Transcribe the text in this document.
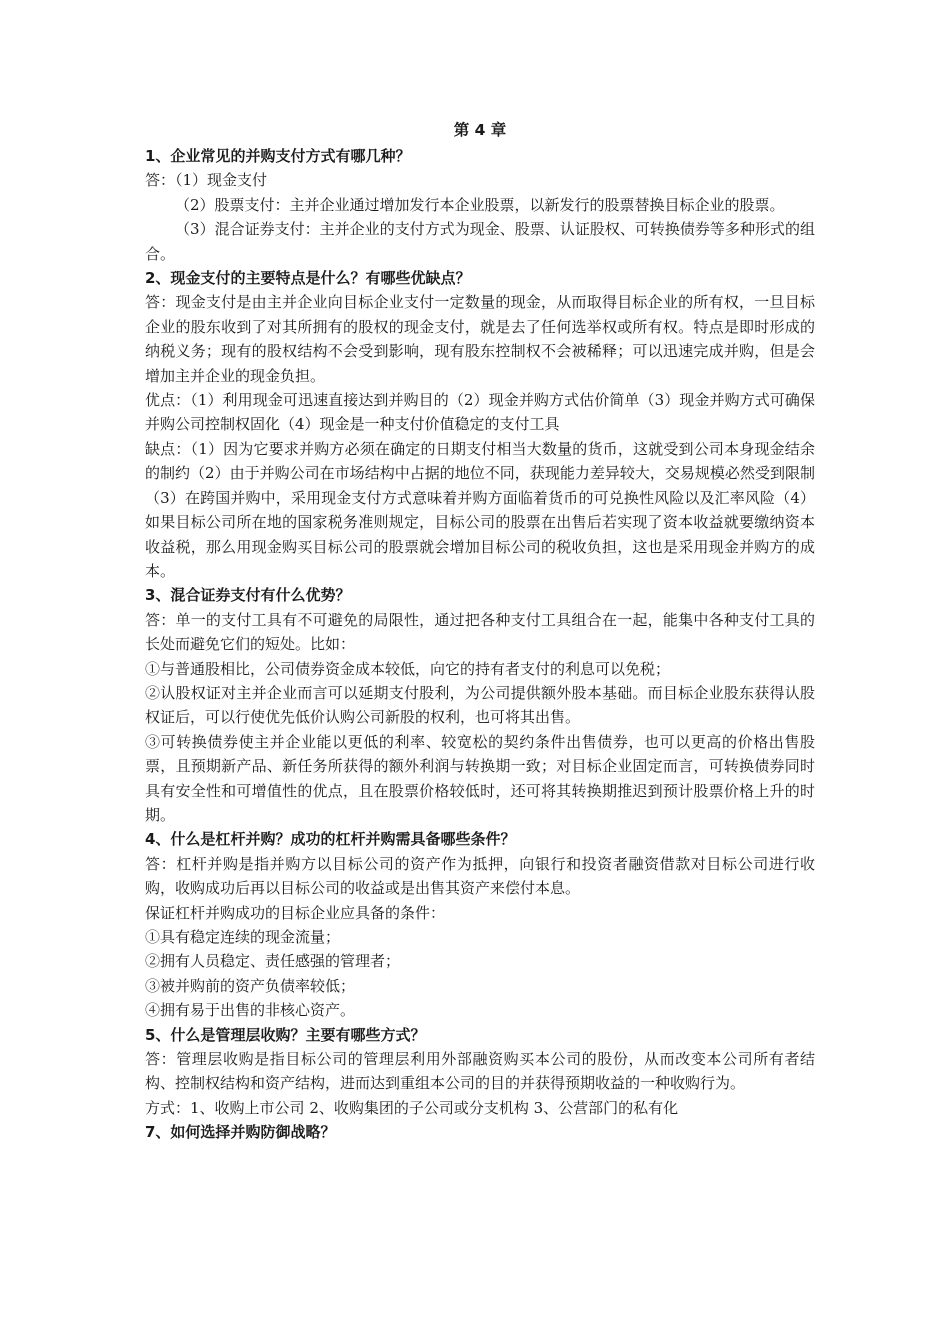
第 4 章

1、企业常见的并购支付方式有哪几种？

答：（1）现金支付

（2）股票支付：主并企业通过增加发行本企业股票，以新发行的股票替换目标企业的股票。

（3）混合证券支付：主并企业的支付方式为现金、股票、认证股权、可转换债券等多种形式的组合。

2、现金支付的主要特点是什么？有哪些优缺点？

答：现金支付是由主并企业向目标企业支付一定数量的现金，从而取得目标企业的所有权，一旦目标企业的股东收到了对其所拥有的股权的现金支付，就是去了任何选举权或所有权。特点是即时形成的纳税义务；现有的股权结构不会受到影响，现有股东控制权不会被稀释；可以迅速完成并购，但是会增加主并企业的现金负担。

优点：（1）利用现金可迅速直接达到并购目的（2）现金并购方式估价简单（3）现金并购方式可确保并购公司控制权固化（4）现金是一种支付价值稳定的支付工具

缺点：（1）因为它要求并购方必须在确定的日期支付相当大数量的货币，这就受到公司本身现金结余的制约（2）由于并购公司在市场结构中占据的地位不同，获现能力差异较大，交易规模必然受到限制（3）在跨国并购中，采用现金支付方式意味着并购方面临着货币的可兑换性风险以及汇率风险（4）如果目标公司所在地的国家税务准则规定，目标公司的股票在出售后若实现了资本收益就要缴纳资本收益税，那么用现金购买目标公司的股票就会增加目标公司的税收负担，这也是采用现金并购方的成本。

3、混合证券支付有什么优势？

答：单一的支付工具有不可避免的局限性，通过把各种支付工具组合在一起，能集中各种支付工具的长处而避免它们的短处。比如：

①与普通股相比，公司债券资金成本较低，向它的持有者支付的利息可以免税；

②认股权证对主并企业而言可以延期支付股利，为公司提供额外股本基础。而目标企业股东获得认股权证后，可以行使优先低价认购公司新股的权利，也可将其出售。

③可转换债券使主并企业能以更低的利率、较宽松的契约条件出售债券，也可以更高的价格出售股票，且预期新产品、新任务所获得的额外利润与转换期一致；对目标企业固定而言，可转换债券同时具有安全性和可增值性的优点，且在股票价格较低时，还可将其转换期推迟到预计股票价格上升的时期。

4、什么是杠杆并购？成功的杠杆并购需具备哪些条件？

答：杠杆并购是指并购方以目标公司的资产作为抵押，向银行和投资者融资借款对目标公司进行收购，收购成功后再以目标公司的收益或是出售其资产来偿付本息。

保证杠杆并购成功的目标企业应具备的条件：

①具有稳定连续的现金流量；

②拥有人员稳定、责任感强的管理者；

③被并购前的资产负债率较低；

④拥有易于出售的非核心资产。

5、什么是管理层收购？主要有哪些方式？

答：管理层收购是指目标公司的管理层利用外部融资购买本公司的股份，从而改变本公司所有者结构、控制权结构和资产结构，进而达到重组本公司的目的并获得预期收益的一种收购行为。

方式：1、收购上市公司 2、收购集团的子公司或分支机构 3、公营部门的私有化

7、如何选择并购防御战略？
